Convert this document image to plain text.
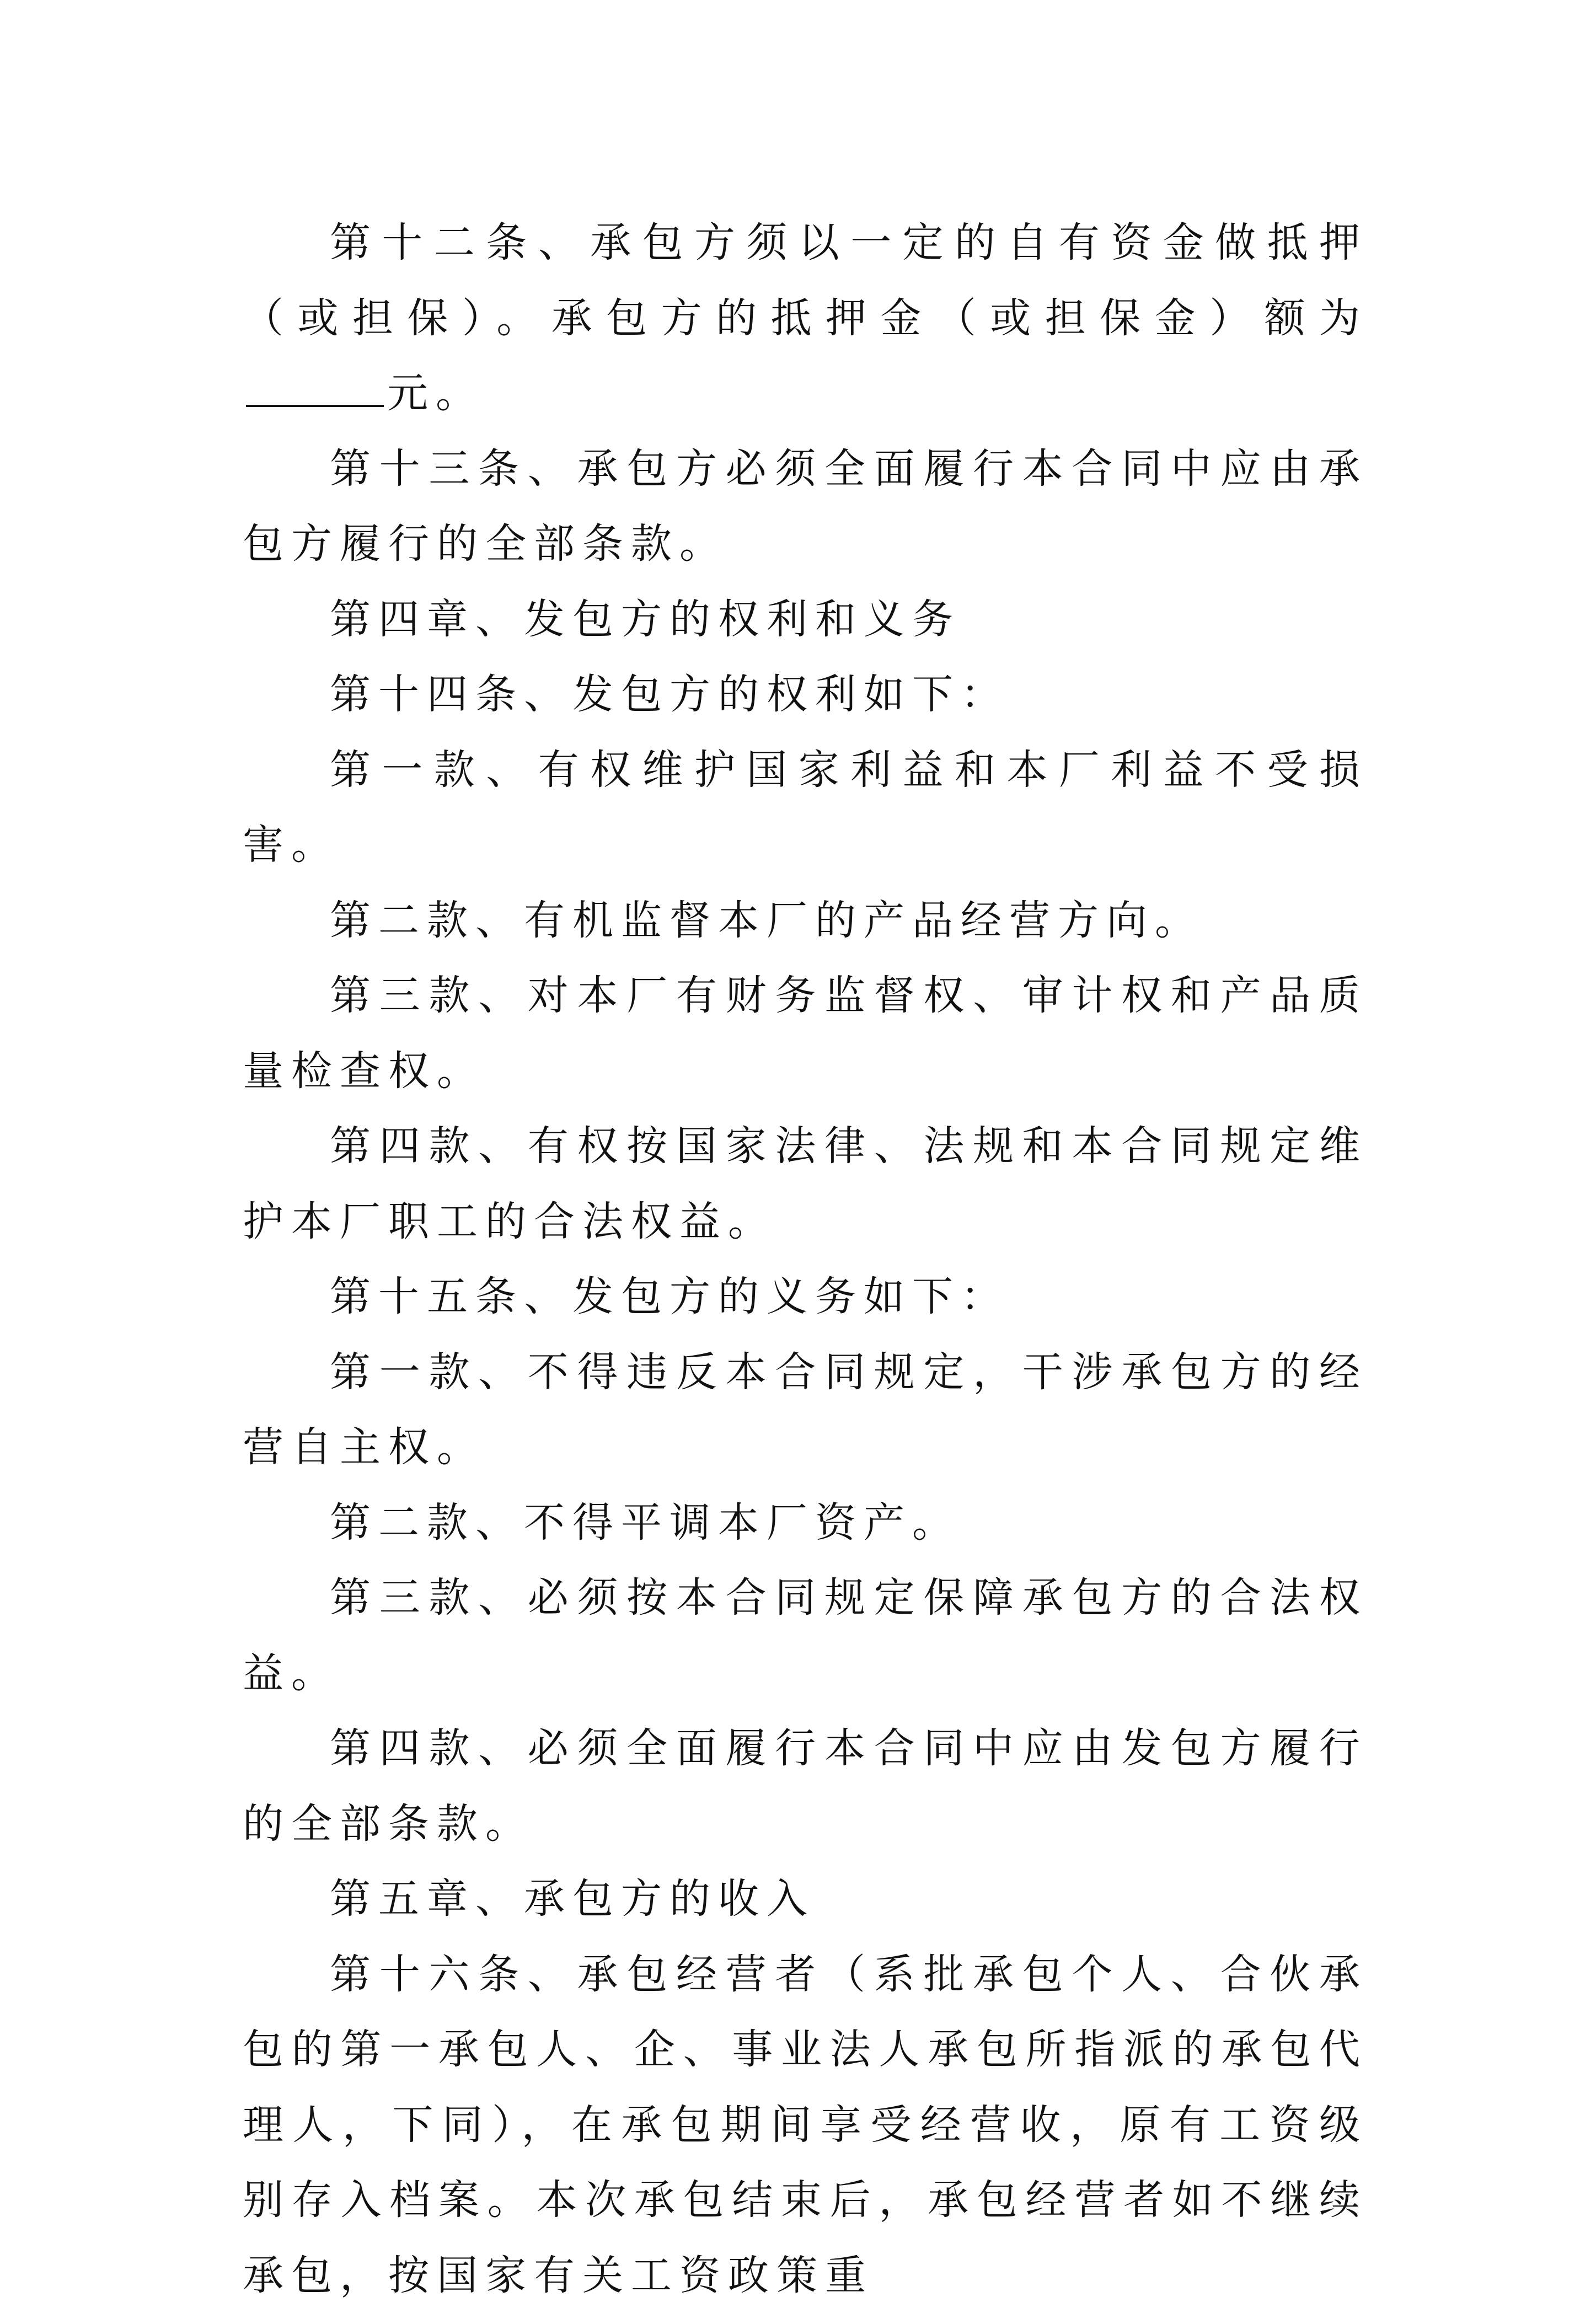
第十二条、承包方须以一定的自有资金做抵押（或担保）。承包方的抵押金（或担保金）额为元。

第十三条、承包方必须全面履行本合同中应由承包方履行的全部条款。

第四章、发包方的权利和义务

第十四条、发包方的权利如下：

第一款、有权维护国家利益和本厂利益不受损害。

第二款、有机监督本厂的产品经营方向。

第三款、对本厂有财务监督权、审计权和产品质量检查权。

第四款、有权按国家法律、法规和本合同规定维护本厂职工的合法权益。

第十五条、发包方的义务如下：

第一款、不得违反本合同规定，干涉承包方的经营自主权。

第二款、不得平调本厂资产。

第三款、必须按本合同规定保障承包方的合法权益。

第四款、必须全面履行本合同中应由发包方履行的全部条款。

第五章、承包方的收入

第十六条、承包经营者（系批承包个人、合伙承包的第一承包人、企、事业法人承包所指派的承包代理人，下同），在承包期间享受经营收，原有工资级别存入档案。本次承包结束后，承包经营者如不继续承包，按国家有关工资政策重
